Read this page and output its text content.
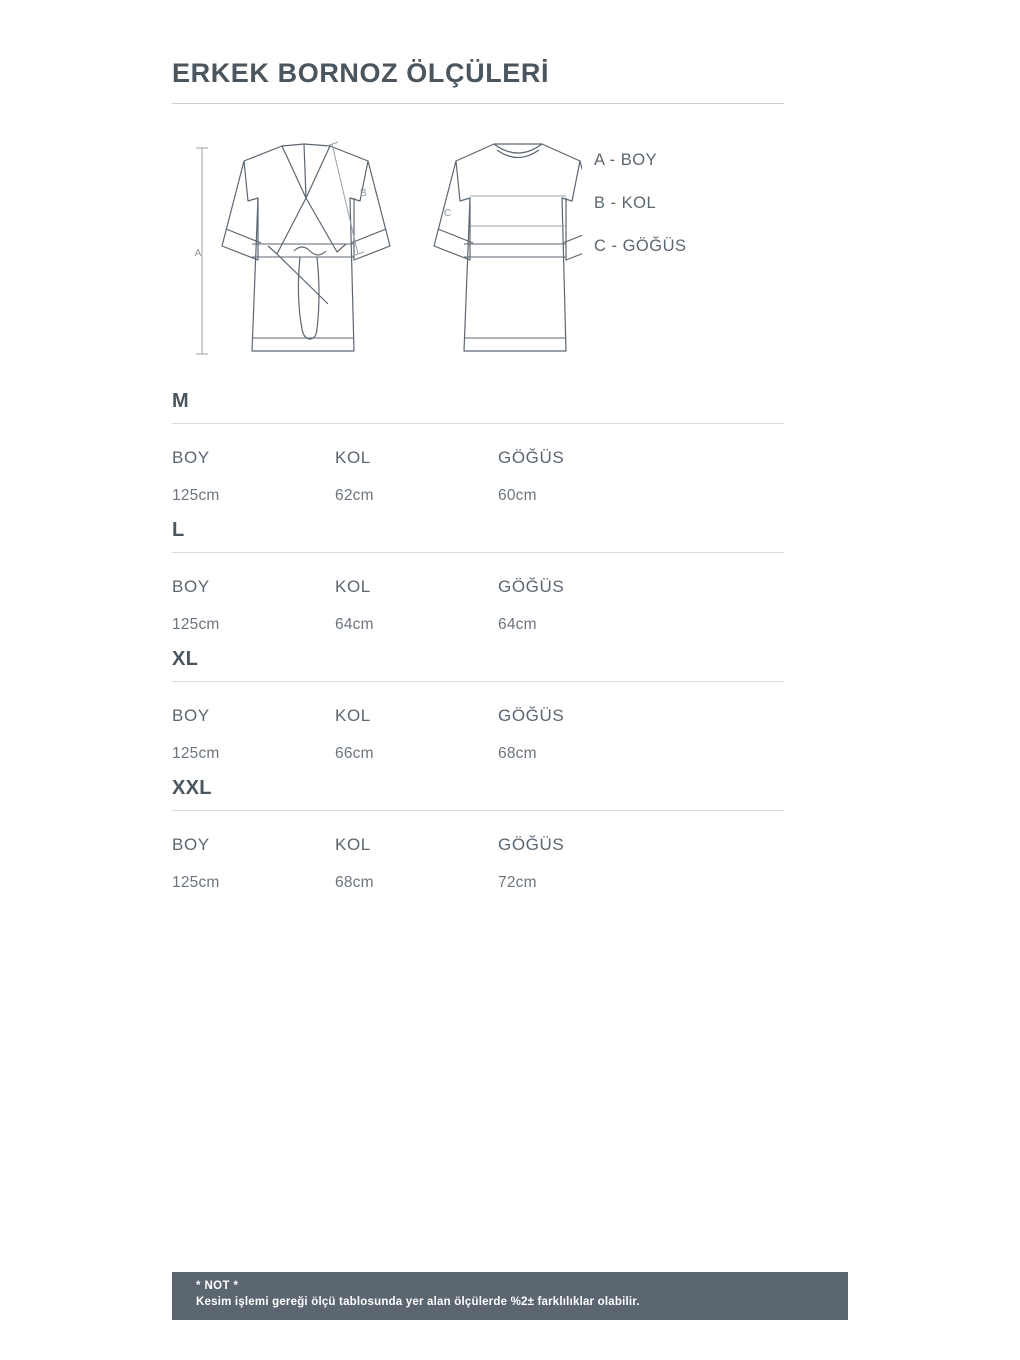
ERKEK BORNOZ ÖLÇÜLERİ
A
B
C
A - BOY
B - KOL
C - GÖĞÜS
M
BOY	KOL	GÖĞÜS
125cm	62cm	60cm
L
BOY	KOL	GÖĞÜS
125cm	64cm	64cm
XL
BOY	KOL	GÖĞÜS
125cm	66cm	68cm
XXL
BOY	KOL	GÖĞÜS
125cm	68cm	72cm
* NOT *
Kesim işlemi gereği ölçü tablosunda yer alan ölçülerde %2± farklılıklar olabilir.
